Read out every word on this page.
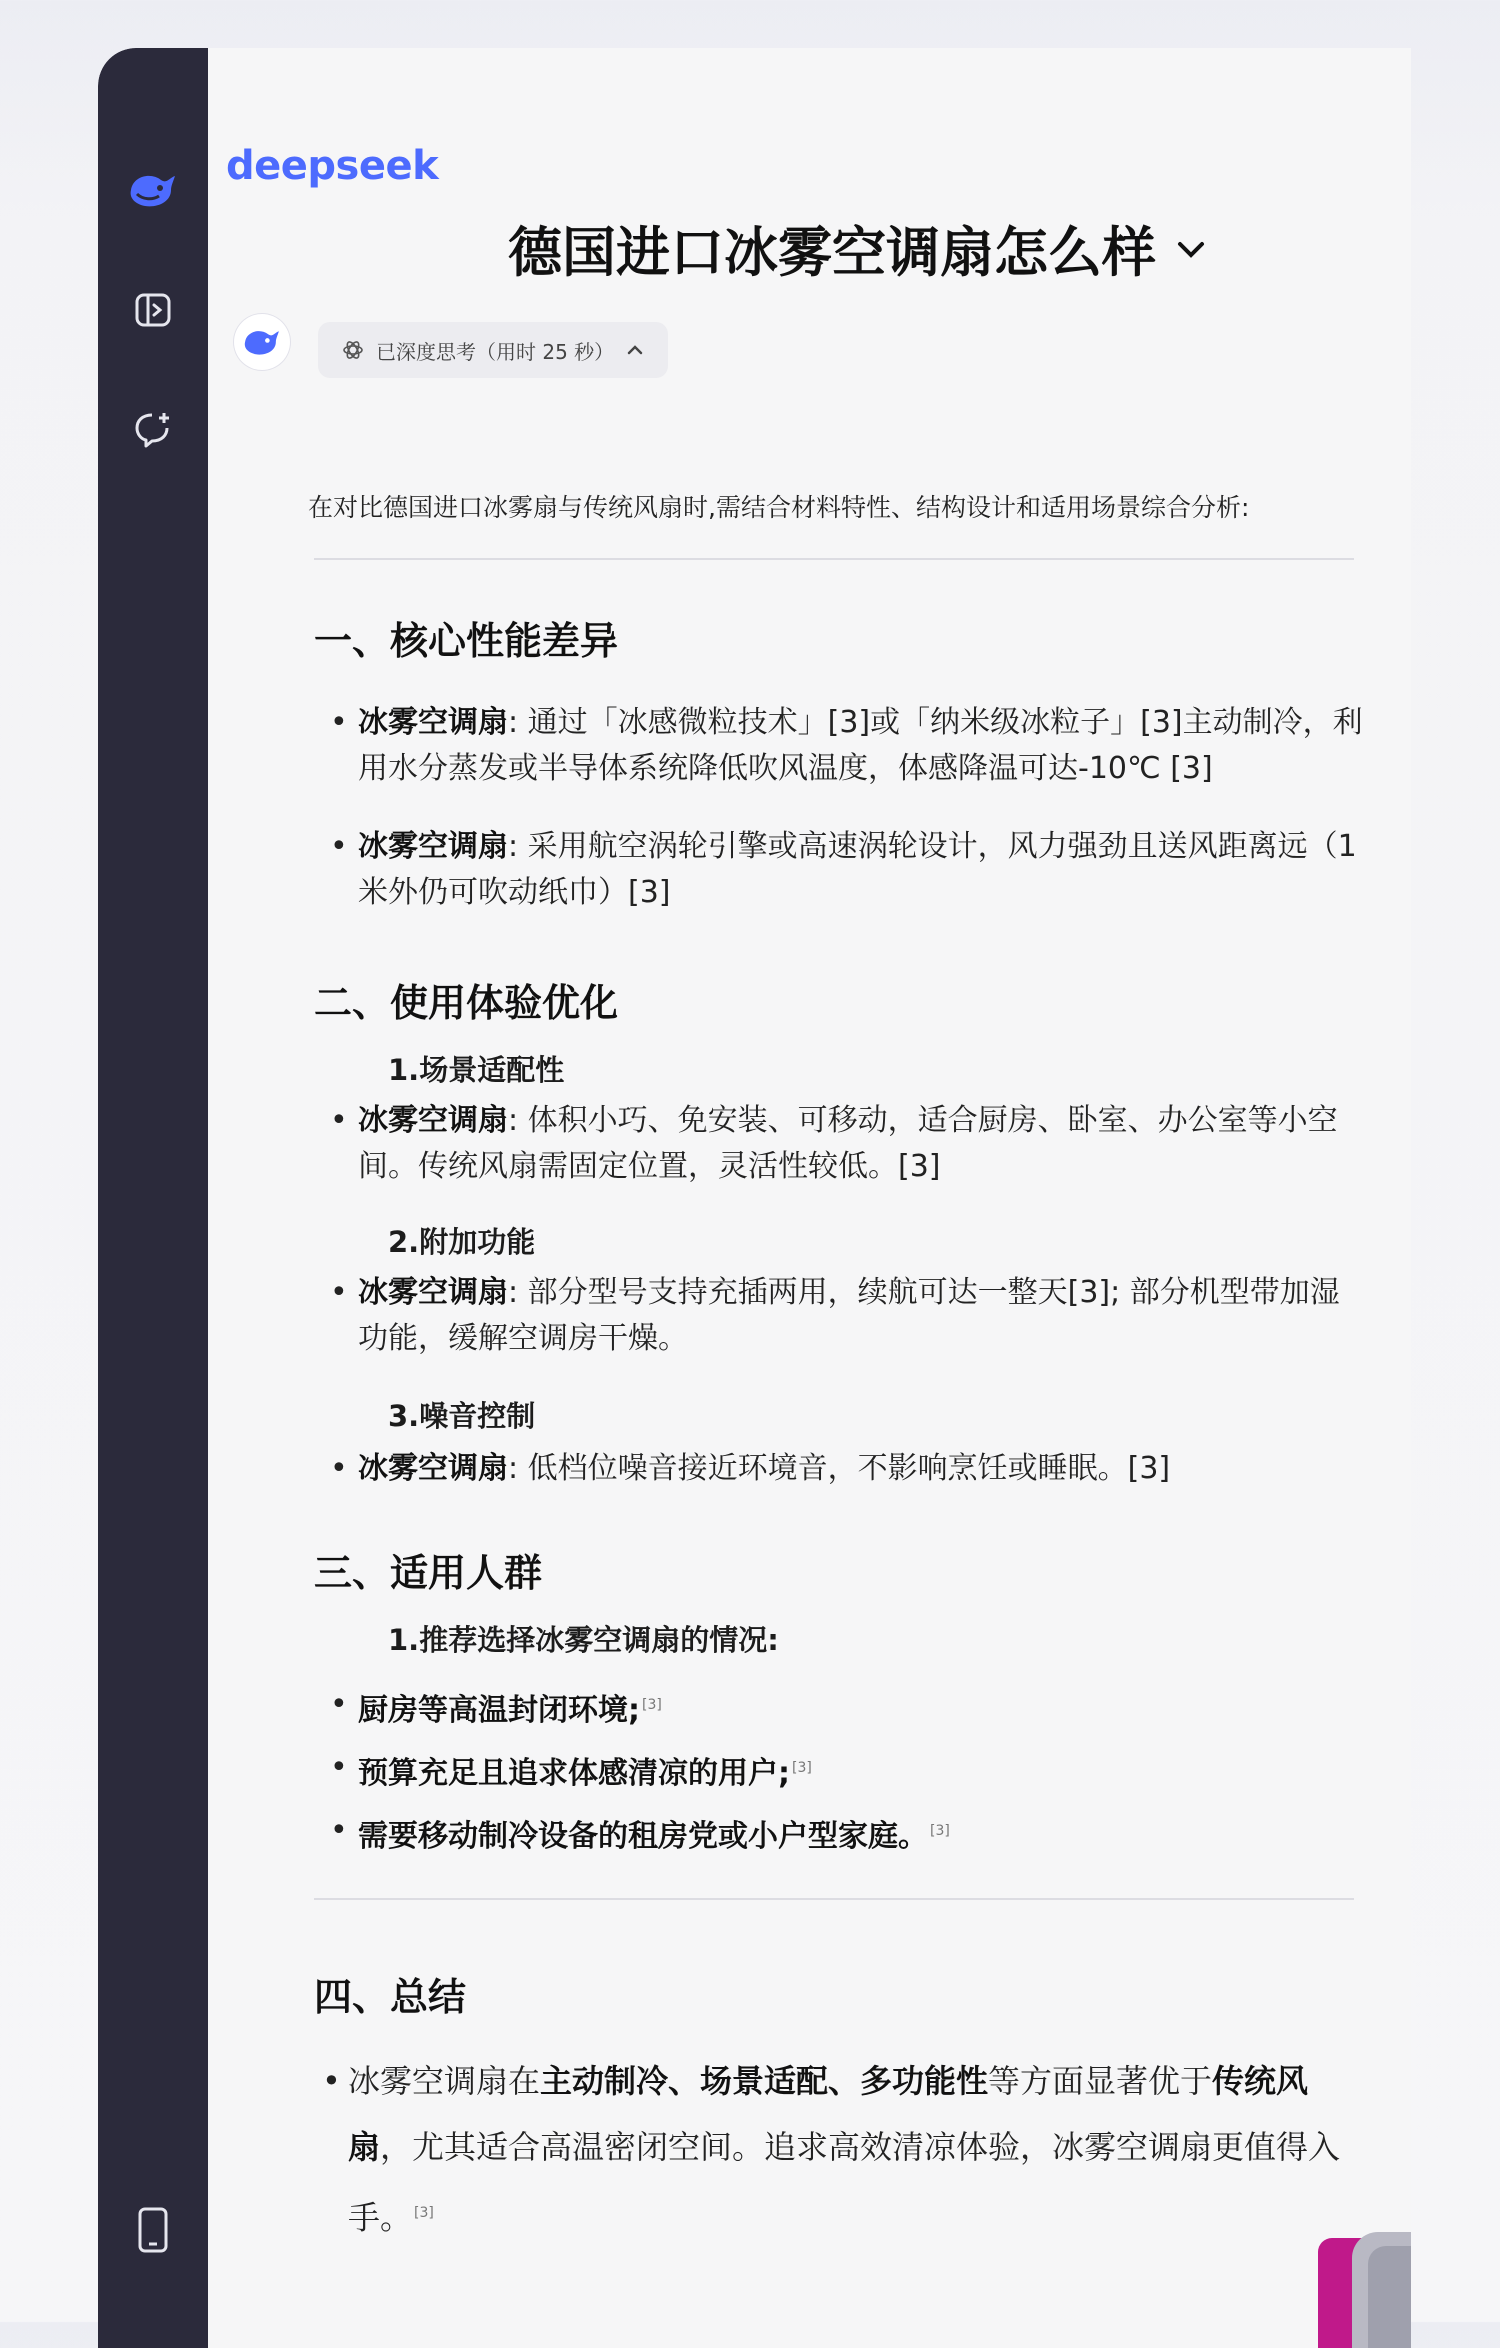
deepseek
德国进口冰雾空调扇怎么样
已深度思考（用时 25 秒）
在对比德国进口冰雾扇与传统风扇时,需结合材料特性、结构设计和适用场景综合分析:
一、核心性能差异
• 冰雾空调扇: 通过「冰感微粒技术」[3]或「纳米级冰粒子」[3]主动制冷，利用水分蒸发或半导体系统降低吹风温度，体感降温可达-10℃ [3]
• 冰雾空调扇: 采用航空涡轮引擎或高速涡轮设计，风力强劲且送风距离远（1米外仍可吹动纸巾）[3]
二、使用体验优化
1.场景适配性
• 冰雾空调扇: 体积小巧、免安装、可移动，适合厨房、卧室、办公室等小空间。传统风扇需固定位置，灵活性较低。[3]
2.附加功能
• 冰雾空调扇: 部分型号支持充插两用，续航可达一整天[3]; 部分机型带加湿功能，缓解空调房干燥。
3.噪音控制
• 冰雾空调扇: 低档位噪音接近环境音，不影响烹饪或睡眠。[3]
三、适用人群
1.推荐选择冰雾空调扇的情况:
• 厨房等高温封闭环境; [3]
• 预算充足且追求体感清凉的用户; [3]
• 需要移动制冷设备的租房党或小户型家庭。 [3]
四、总结
• 冰雾空调扇在主动制冷、场景适配、多功能性等方面显著优于传统风扇，尤其适合高温密闭空间。追求高效清凉体验，冰雾空调扇更值得入手。 [3]
